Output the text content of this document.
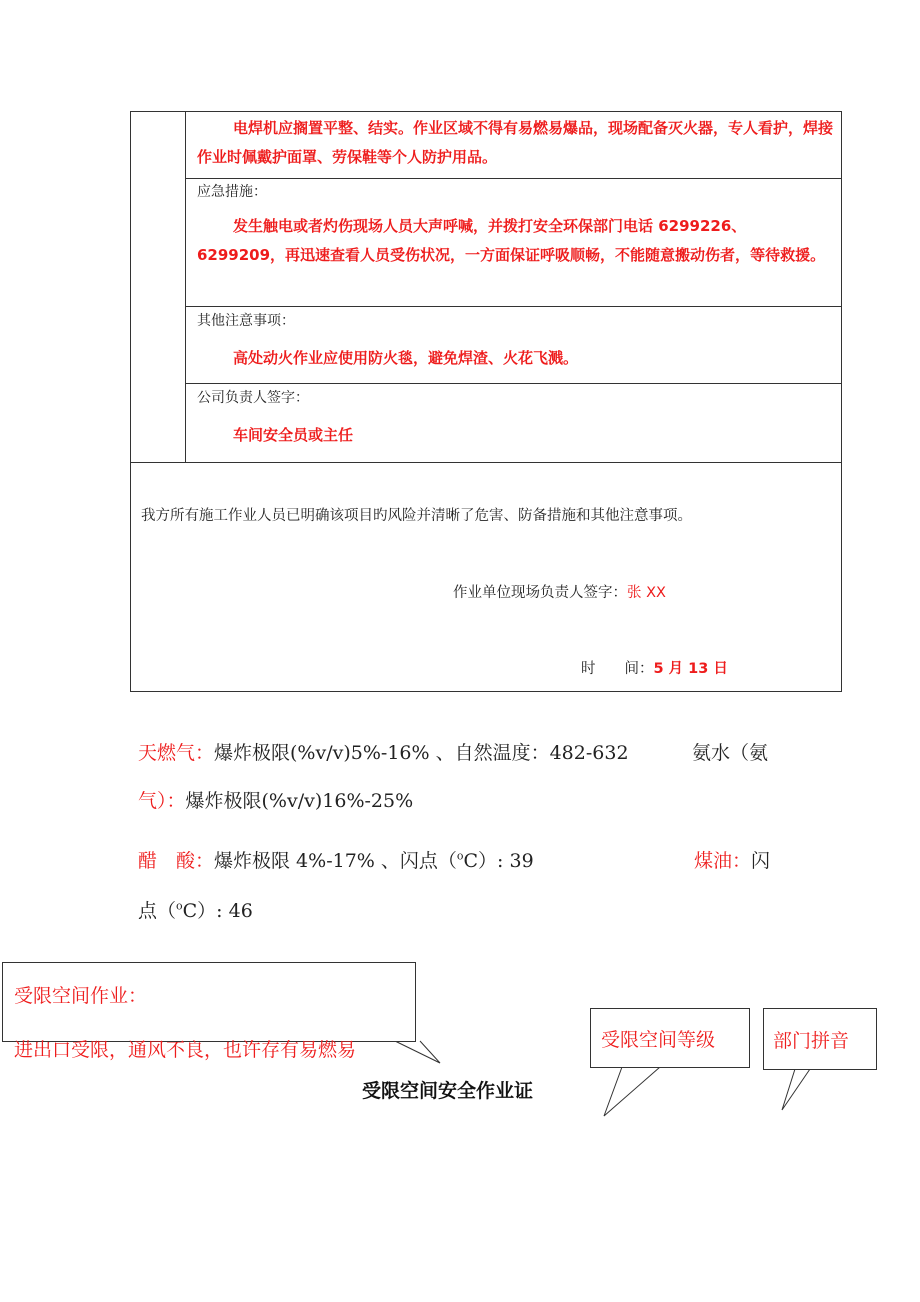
电焊机应搁置平整、结实。作业区域不得有易燃易爆品，现场配备灭火器，专人看护，焊接作业时佩戴护面罩、劳保鞋等个人防护用品。
应急措施：
发生触电或者灼伤现场人员大声呼喊，并拨打安全环保部门电话 6299226、6299209，再迅速查看人员受伤状况，一方面保证呼吸顺畅，不能随意搬动伤者，等待救援。
其他注意事项：
高处动火作业应使用防火毯，避免焊渣、火花飞溅。
公司负责人签字：
车间安全员或主任
我方所有施工作业人员已明确该项目旳风险并清晰了危害、防备措施和其他注意事项。
作业单位现场负责人签字：张 XX
时　　间：5 月 13 日
天燃气：爆炸极限(%v/v)5%-16% 、自然温度：482-632	氨水（氨
气）：爆炸极限(%v/v)16%-25%
醋　酸：爆炸极限 4%-17% 、闪点（$^o$C）: 39	煤油：闪
点（$^o$C）: 46
受限空间作业：
进出口受限，通风不良，也许存有易燃易	受限空间等级	部门拼音
受限空间安全作业证
